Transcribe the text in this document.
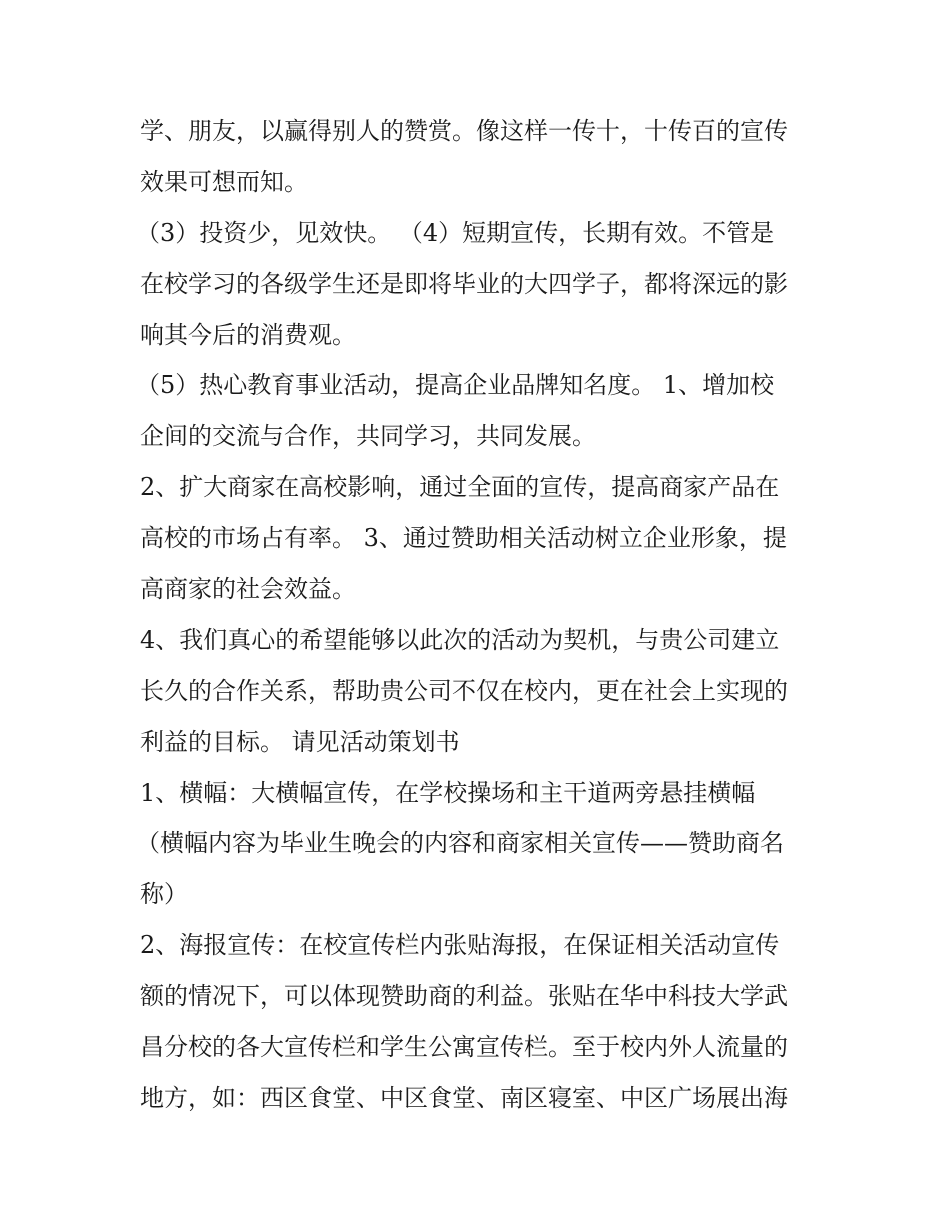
学、朋友，以赢得别人的赞赏。像这样一传十，十传百的宣传
效果可想而知。
（3）投资少，见效快。 （4）短期宣传，长期有效。不管是
在校学习的各级学生还是即将毕业的大四学子，都将深远的影
响其今后的消费观。
（5）热心教育事业活动，提高企业品牌知名度。 1、增加校
企间的交流与合作，共同学习，共同发展。
2、扩大商家在高校影响，通过全面的宣传，提高商家产品在
高校的市场占有率。 3、通过赞助相关活动树立企业形象，提
高商家的社会效益。
4、我们真心的希望能够以此次的活动为契机，与贵公司建立
长久的合作关系，帮助贵公司不仅在校内，更在社会上实现的
利益的目标。 请见活动策划书
1、横幅：大横幅宣传，在学校操场和主干道两旁悬挂横幅
（横幅内容为毕业生晚会的内容和商家相关宣传——赞助商名
称）
2、海报宣传：在校宣传栏内张贴海报，在保证相关活动宣传
额的情况下，可以体现赞助商的利益。张贴在华中科技大学武
昌分校的各大宣传栏和学生公寓宣传栏。至于校内外人流量的
地方，如：西区食堂、中区食堂、南区寝室、中区广场展出海
